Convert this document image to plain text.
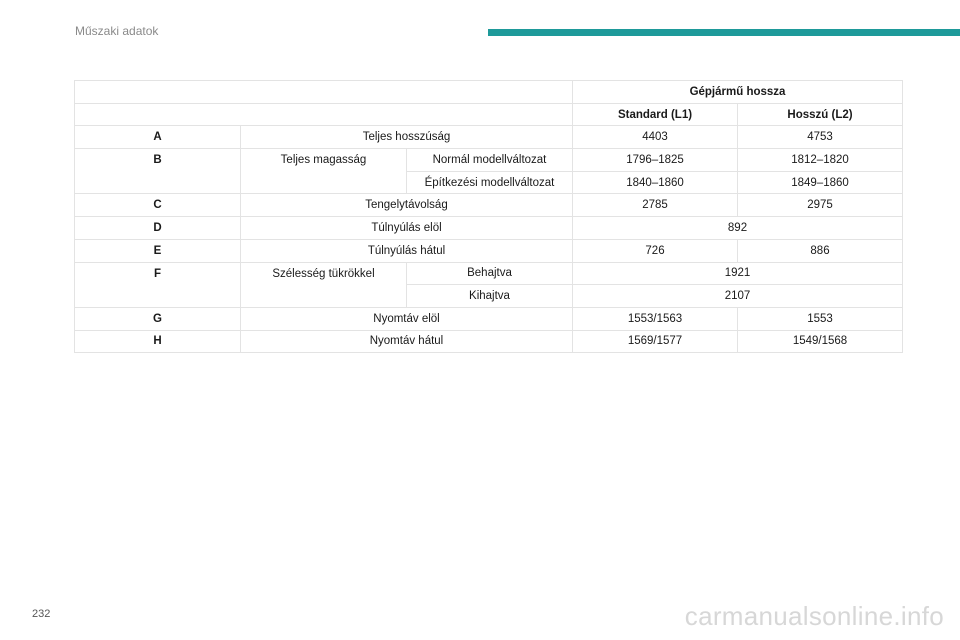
Műszaki adatok
			Gépjármű hossza	
			Standard (L1)	Hosszú (L2)
A	Teljes hosszúság		4403	4753
B	Teljes magasság	Normál modellváltozat	1796–1825	1812–1820
		Építkezési modellváltozat	1840–1860	1849–1860
C	Tengelytávolság		2785	2975
D	Túlnyúlás elöl		892	
E	Túlnyúlás hátul		726	886
F	Szélesség tükrökkel	Behajtva	1921	
		Kihajtva	2107	
G	Nyomtáv elöl		1553/1563	1553
H	Nyomtáv hátul		1569/1577	1549/1568
232	carmanualsonline.info
